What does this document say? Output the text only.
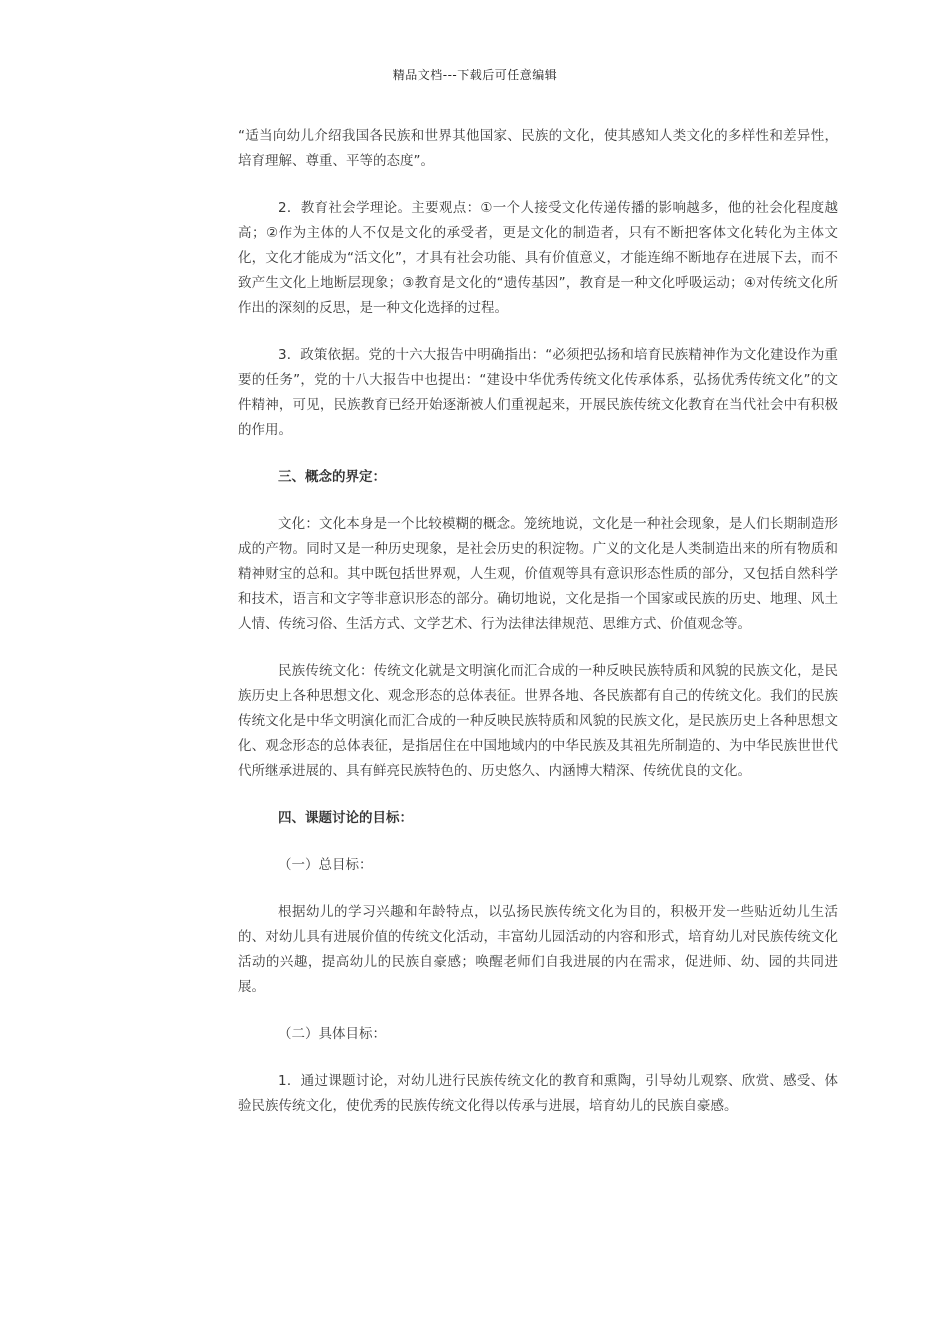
精品文档---下载后可任意编辑

“适当向幼儿介绍我国各民族和世界其他国家、民族的文化，使其感知人类文化的多样性和差异性，培育理解、尊重、平等的态度”。

2．教育社会学理论。主要观点：①一个人接受文化传递传播的影响越多，他的社会化程度越高；②作为主体的人不仅是文化的承受者，更是文化的制造者，只有不断把客体文化转化为主体文化，文化才能成为“活文化”，才具有社会功能、具有价值意义，才能连绵不断地存在进展下去，而不致产生文化上地断层现象；③教育是文化的“遗传基因”，教育是一种文化呼吸运动；④对传统文化所作出的深刻的反思，是一种文化选择的过程。

3．政策依据。党的十六大报告中明确指出：“必须把弘扬和培育民族精神作为文化建设作为重要的任务”，党的十八大报告中也提出：“建设中华优秀传统文化传承体系，弘扬优秀传统文化”的文件精神，可见，民族教育已经开始逐渐被人们重视起来，开展民族传统文化教育在当代社会中有积极的作用。

三、概念的界定：

文化：文化本身是一个比较模糊的概念。笼统地说，文化是一种社会现象，是人们长期制造形成的产物。同时又是一种历史现象，是社会历史的积淀物。广义的文化是人类制造出来的所有物质和精神财宝的总和。其中既包括世界观，人生观，价值观等具有意识形态性质的部分，又包括自然科学和技术，语言和文字等非意识形态的部分。确切地说，文化是指一个国家或民族的历史、地理、风土人情、传统习俗、生活方式、文学艺术、行为法律法律规范、思维方式、价值观念等。

民族传统文化：传统文化就是文明演化而汇合成的一种反映民族特质和风貌的民族文化，是民族历史上各种思想文化、观念形态的总体表征。世界各地、各民族都有自己的传统文化。我们的民族传统文化是中华文明演化而汇合成的一种反映民族特质和风貌的民族文化，是民族历史上各种思想文化、观念形态的总体表征，是指居住在中国地域内的中华民族及其祖先所制造的、为中华民族世世代代所继承进展的、具有鲜亮民族特色的、历史悠久、内涵博大精深、传统优良的文化。

四、课题讨论的目标：

（一）总目标：

根据幼儿的学习兴趣和年龄特点，以弘扬民族传统文化为目的，积极开发一些贴近幼儿生活的、对幼儿具有进展价值的传统文化活动，丰富幼儿园活动的内容和形式，培育幼儿对民族传统文化活动的兴趣，提高幼儿的民族自豪感；唤醒老师们自我进展的内在需求，促进师、幼、园的共同进展。

（二）具体目标：

1．通过课题讨论，对幼儿进行民族传统文化的教育和熏陶，引导幼儿观察、欣赏、感受、体验民族传统文化，使优秀的民族传统文化得以传承与进展，培育幼儿的民族自豪感。
